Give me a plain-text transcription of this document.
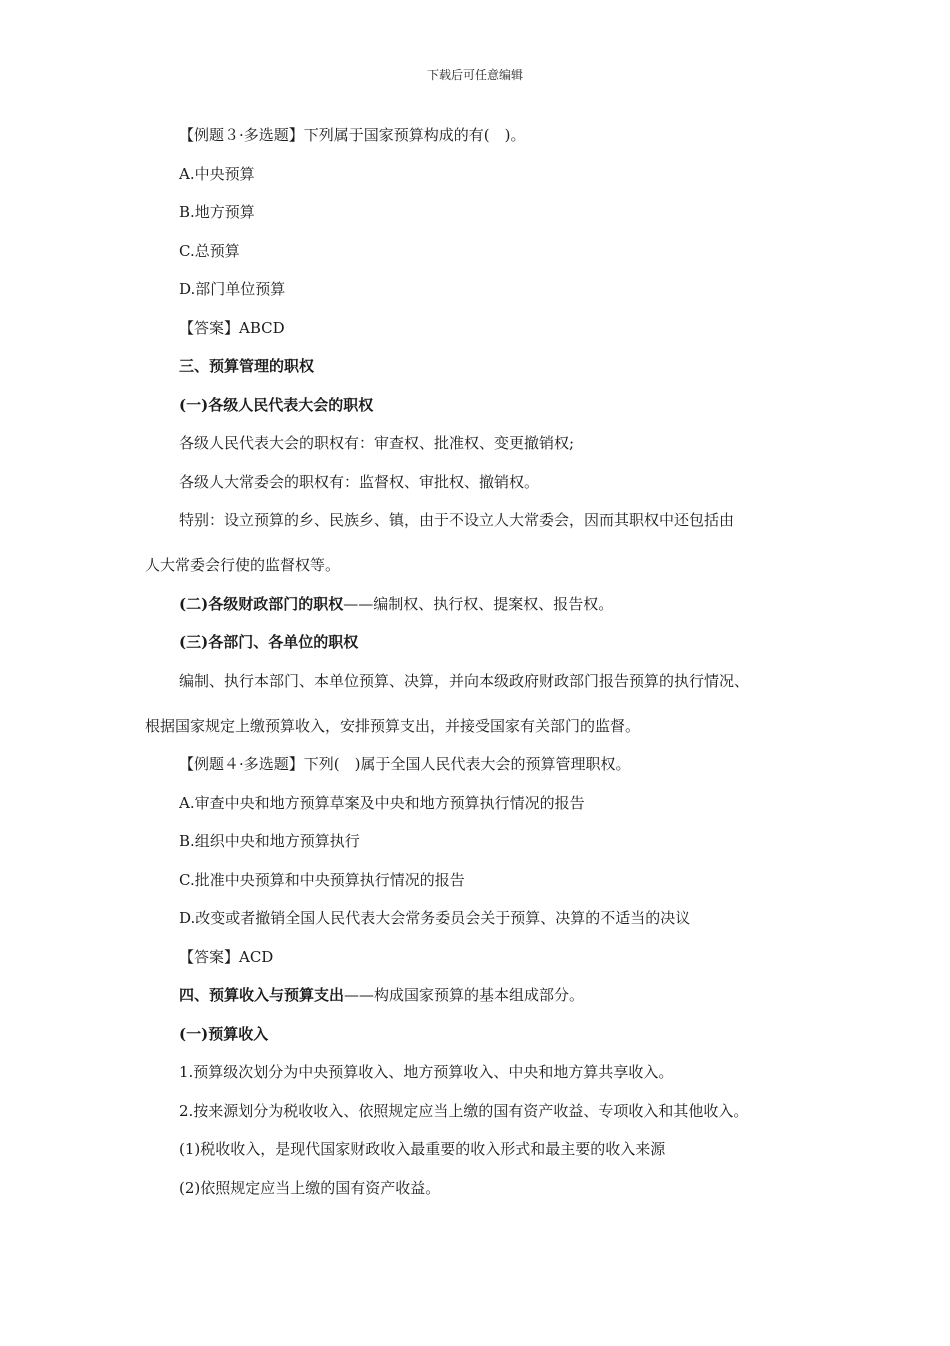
下载后可任意编辑
【例题３·多选题】下列属于国家预算构成的有(　)。
A.中央预算
B.地方预算
C.总预算
D.部门单位预算
【答案】ABCD
三、预算管理的职权
(一)各级人民代表大会的职权
各级人民代表大会的职权有：审查权、批准权、变更撤销权;
各级人大常委会的职权有：监督权、审批权、撤销权。
特别：设立预算的乡、民族乡、镇，由于不设立人大常委会，因而其职权中还包括由
人大常委会行使的监督权等。
(二)各级财政部门的职权——编制权、执行权、提案权、报告权。
(三)各部门、各单位的职权
编制、执行本部门、本单位预算、决算，并向本级政府财政部门报告预算的执行情况、
根据国家规定上缴预算收入，安排预算支出，并接受国家有关部门的监督。
【例题４·多选题】下列(　)属于全国人民代表大会的预算管理职权。
A.审查中央和地方预算草案及中央和地方预算执行情况的报告
B.组织中央和地方预算执行
C.批准中央预算和中央预算执行情况的报告
D.改变或者撤销全国人民代表大会常务委员会关于预算、决算的不适当的决议
【答案】ACD
四、预算收入与预算支出——构成国家预算的基本组成部分。
(一)预算收入
1.预算级次划分为中央预算收入、地方预算收入、中央和地方算共享收入。
2.按来源划分为税收收入、依照规定应当上缴的国有资产收益、专项收入和其他收入。
(1)税收收入，是现代国家财政收入最重要的收入形式和最主要的收入来源
(2)依照规定应当上缴的国有资产收益。
